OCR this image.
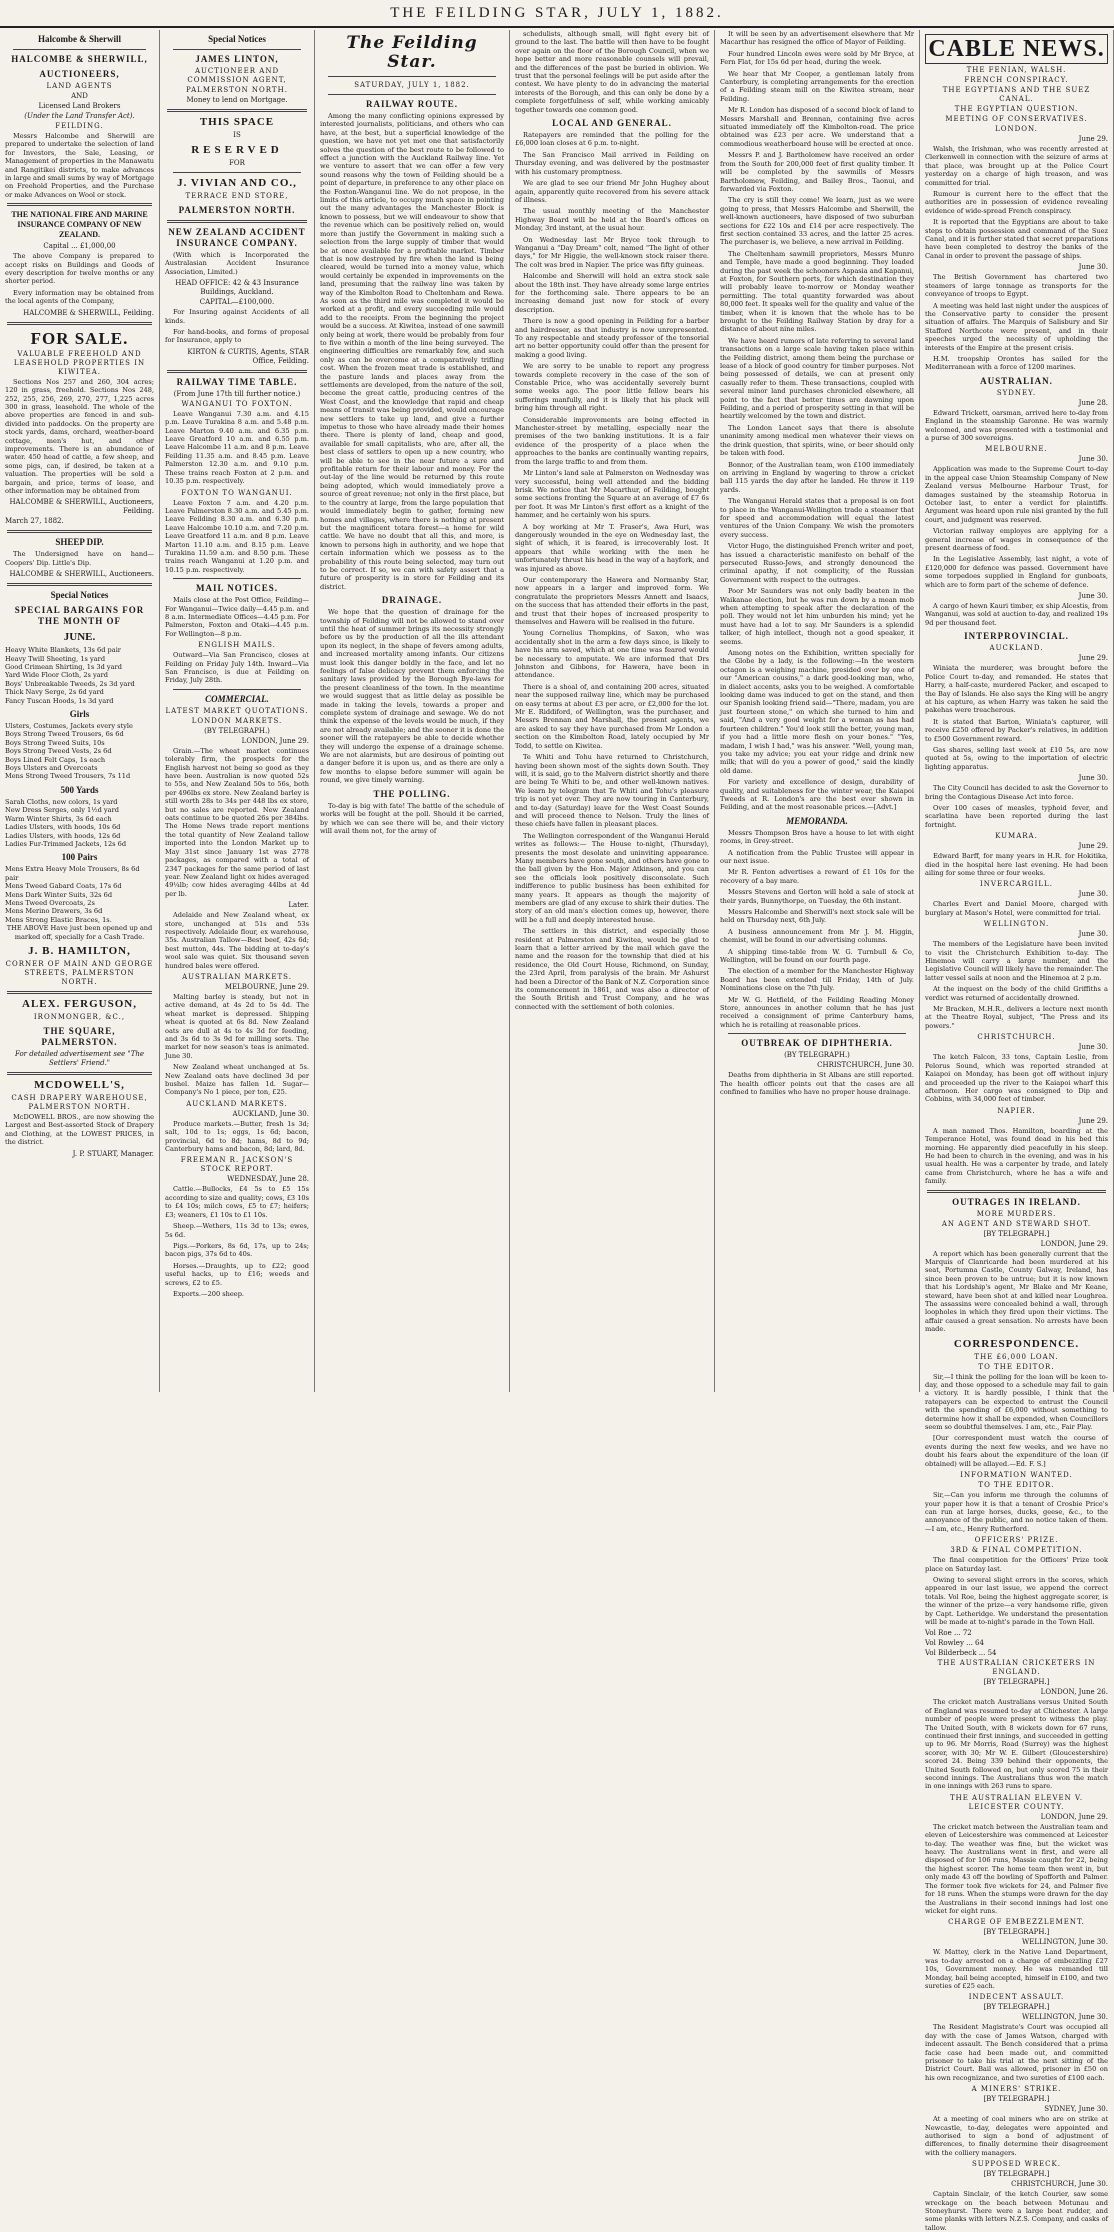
THE FEILDING STAR, JULY 1, 1882.
Halcombe & Sherwill
HALCOMBE & SHERWILL,
AUCTIONEERS,
LAND AGENTS
AND
Licensed Land Brokers
(Under the Land Transfer Act).
FEILDING.

Messrs Halcombe and Sherwill are prepared to undertake the selection of land for Investors, the Sale, Leasing, or Management of properties in the Manawatu and Rangitikei districts, to make advances in large and small sums by way of Mortgage on Freehold Properties, and the Purchase or make Advances on Wool or stock.

THE NATIONAL FIRE AND MARINE INSURANCE COMPANY OF NEW ZEALAND.
Capital ... £1,000,00

The above Company is prepared to accept risks on Buildings and Goods of every description for twelve months or any shorter period.

Every information may be obtained from the local agents of the Company,

HALCOMBE & SHERWILL, Feilding.
FOR SALE.
VALUABLE FREEHOLD AND LEASEHOLD PROPERTIES IN KIWITEA.

Sections Nos 257 and 260, 304 acres; 120 in grass, freehold. Sections Nos 248, 252, 255, 256, 269, 270, 277, 1,225 acres 300 in grass, leasehold. The whole of the above properties are fenced in and sub-divided into paddocks. On the property are stock yards, dams, orchard, weather-board cottage, men's hut, and other improvements. There is an abundance of water. 450 head of cattle, a few sheep, and some pigs, can, if desired, be taken at a valuation. The properties will be sold a bargain, and price, terms of lease, and other information may be obtained from

HALCOMBE & SHERWILL, Auctioneers, Feilding.
March 27, 1882.
SHEEP DIP.

The Undersigned have on hand— Coopers' Dip. Little's Dip.

HALCOMBE & SHERWILL, Auctioneers.
Special Notices
SPECIAL BARGAINS FOR THE MONTH OF
JUNE.
Heavy White Blankets, 13s 6d pair
Heavy Twill Sheeting, 1s yard
Good Crimean Shirting, 1s 3d yard
Yard Wide Floor Cloth, 2s yard
Boys' Unbreakable Tweeds, 2s 3d yard
Thick Navy Serge, 2s 6d yard
Fancy Tuscan Hoods, 1s 3d yard
Girls
Ulsters, Costumes, Jackets every style
Boys Strong Tweed Trousers, 6s 6d
Boys Strong Tweed Suits, 10s
Boys Strong Tweed Vests, 2s 6d
Boys Lined Felt Caps, 1s each
Boys Ulsters and Overcoats
Mens Strong Tweed Trousers, 7s 11d
500 Yards
Sarah Cloths, new colors, 1s yard
New Dress Serges, only 1½d yard
Warm Winter Shirts, 3s 6d each
Ladies Ulsters, with hoods, 10s 6d
Ladies Ulsters, with hoods, 12s 6d
Ladies Fur-Trimmed Jackets, 12s 6d
100 Pairs
Mens Extra Heavy Mole Trousers, 8s 6d pair
Mens Tweed Gabard Coats, 17s 6d
Mens Dark Winter Suits, 32s 6d
Mens Tweed Overcoats, 2s
Mens Merino Drawers, 3s 6d
Mens Strong Elastic Braces, 1s.

THE ABOVE Have just been opened up and marked off, specially for a Cash Trade.

J. B. HAMILTON,
CORNER OF MAIN AND GEORGE STREETS, PALMERSTON NORTH.
ALEX. FERGUSON,
IRONMONGER, &C.,
THE SQUARE, PALMERSTON.
For detailed advertisement see "The Settlers' Friend."
MCDOWELL'S,
CASH DRAPERY WAREHOUSE, PALMERSTON NORTH.

McDOWELL BROS., are now showing the Largest and Best-assorted Stock of Drapery and Clothing, at the LOWEST PRICES, in the district.

J. P. STUART, Manager.
Special Notices
JAMES LINTON,
AUCTIONEER AND COMMISSION AGENT,
PALMERSTON NORTH.
Money to lend on Mortgage.
THIS SPACE
IS
RESERVED
FOR
J. VIVIAN AND CO.,
TERRACE END STORE,
PALMERSTON NORTH.
NEW ZEALAND ACCIDENT INSURANCE COMPANY.

(With which is Incorporated the Australasian Accident Insurance Association, Limited.)

HEAD OFFICE: 42 & 43 Insurance Buildings, Auckland.
CAPITAL—£100,000.

For Insuring against Accidents of all kinds.

For hand-books, and forms of proposal for Insurance, apply to

KIRTON & CURTIS, Agents, STAR Office, Feilding.
RAILWAY TIME TABLE.
(From June 17th till further notice.)
WANGANUI TO FOXTON.

Leave Wanganui 7.30 a.m. and 4.15 p.m. Leave Turakina 8 a.m. and 5.48 p.m. Leave Marton 9.40 a.m. and 6.35 p.m. Leave Greatford 10 a.m. and 6.55 p.m. Leave Halcombe 11 a.m. and 8 p.m. Leave Feilding 11.35 a.m. and 8.45 p.m. Leave Palmerston 12.30 a.m. and 9.10 p.m. These trains reach Foxton at 2 p.m. and 10.35 p.m. respectively.

FOXTON TO WANGANUI.

Leave Foxton 7 a.m. and 4.20 p.m. Leave Palmerston 8.30 a.m. and 5.45 p.m. Leave Feilding 8.30 a.m. and 6.30 p.m. Leave Halcombe 10.10 a.m. and 7.20 p.m. Leave Greatford 11 a.m. and 8 p.m. Leave Marton 11.10 a.m. and 8.15 p.m. Leave Turakina 11.59 a.m. and 8.50 p.m. These trains reach Wanganui at 1.20 p.m. and 10.15 p.m. respectively.

MAIL NOTICES.

Mails close at the Post Office, Feilding— For Wanganui—Twice daily—4.45 p.m. and 8 a.m. Intermediate Offices—4.45 p.m. For Palmerston, Foxton and Otaki—4.45 p.m. For Wellington—8 p.m.

ENGLISH MAILS.

Outward—Via San Francisco, closes at Feilding on Friday July 14th. Inward—Via San Francisco, is due at Feilding on Friday, July 28th.

COMMERCIAL.
LATEST MARKET QUOTATIONS.
LONDON MARKETS.
(BY TELEGRAPH.)
LONDON, June 29.

Grain.—The wheat market continues tolerably firm, the prospects for the English harvest not being so good as they have been. Australian is now quoted 52s to 55s, and New Zealand 50s to 56s, both per 496lbs ex store. New Zealand barley is still worth 28s to 34s per 448 lbs ex store, but no sales are reported. New Zealand oats continue to be quoted 26s per 384lbs. The Home News trade report mentions the total quantity of New Zealand tallow imported into the London Market up to May 31st since January 1st was 2778 packages, as compared with a total of 2347 packages for the same period of last year. New Zealand light ox hides averaged 49¼lb; cow hides averaging 44lbs at 4d per lb.

Later.

Adelaide and New Zealand wheat, ex store, unchanged at 51s and 53s respectively. Adelaide flour, ex warehouse, 35s. Australian Tallow—Best beef, 42s 6d; best mutton, 44s. The bidding at to-day's wool sale was quiet. Six thousand seven hundred bales were offered.

AUSTRALIAN MARKETS.
MELBOURNE, June 29.

Malting barley is steady, but not in active demand, at 4s 2d to 5s 4d. The wheat market is depressed. Shipping wheat is quoted at 6s 8d. New Zealand oats are dull at 4s to 4s 3d for feeding, and 3s 6d to 3s 9d for milling sorts. The market for new season's teas is animated. June 30.

New Zealand wheat unchanged at 5s. New Zealand oats have declined 3d per bushel. Maize has fallen 1d. Sugar—Company's No 1 piece, per ton, £25.

AUCKLAND MARKETS.
AUCKLAND, June 30.

Produce markets.—Butter, fresh 1s 3d; salt, 10d to 1s; eggs, 1s 6d; bacon, provincial, 6d to 8d; hams, 8d to 9d; Canterbury hams and bacon, 8d; lard, 8d.

FREEMAN R. JACKSON'S STOCK REPORT.
WEDNESDAY, June 28.

Cattle.—Bullocks, £4 5s to £5 15s according to size and quality; cows, £3 10s to £4 10s; milch cows, £5 to £7; heifers; £3; weaners, £1 10s to £1 10s.

Sheep.—Wethers, 11s 3d to 13s; ewes, 5s 6d.

Pigs.—Porkers, 8s 6d, 17s, up to 24s; bacon pigs, 37s 6d to 40s.

Horses.—Draughts, up to £22; good useful hacks, up to £16; weeds and screws, £2 to £5.

Exports.—200 sheep.

The Feilding Star.
SATURDAY, JULY 1, 1882.
RAILWAY ROUTE.

Among the many conflicting opinions expressed by interested journalists, politicians, and others who can have, at the best, but a superficial knowledge of the question, we have not yet met one that satisfactorily solves the question of the best route to be followed to effect a junction with the Auckland Railway line. Yet we venture to assert that we can offer a few very sound reasons why the town of Feilding should be a point of departure, in preference to any other place on the Foxton-Wanganui line. We do not propose, in the limits of this article, to occupy much space in pointing out the many advantages the Manchester Block is known to possess, but we will endeavour to show that the revenue which can be positively relied on, would more than justify the Government in making such a selection from the large supply of timber that would be at once available for a profitable market. Timber that is now destroyed by fire when the land is being cleared, would be turned into a money value, which would certainly be expended in improvements on the land, presuming that the railway line was taken by way of the Kimbolton Road to Cheltenham and Rewa. As soon as the third mile was completed it would be worked at a profit, and every succeeding mile would add to the receipts. From the beginning the project would be a success. At Kiwitea, instead of one sawmill only being at work, there would be probably from four to five within a month of the line being surveyed. The engineering difficulties are remarkably few, and such only as can be overcome at a comparatively trifling cost. When the frozen meat trade is established, and the pasture lands and places away from the settlements are developed, from the nature of the soil, become the great cattle, producing centres of the West Coast, and the knowledge that rapid and cheap means of transit was being provided, would encourage new settlers to take up land, and give a further impetus to those who have already made their homes there. There is plenty of land, cheap and good, available for small capitalists, who are, after all, the best class of settlers to open up a new country, who will be able to see in the near future a sure and profitable return for their labour and money. For the out-lay of the line would be returned by this route being adopted, which would immediately prove a source of great revenue; not only in the first place, but to the country at large, from the large population that would immediately begin to gather, forming new homes and villages, where there is nothing at present but the magnificent totara forest—a home for wild cattle. We have no doubt that all this, and more, is known to persons high in authority, and we hope that certain information which we possess as to the probability of this route being selected, may turn out to be correct. If so, we can with safety assert that a future of prosperity is in store for Feilding and its district.

DRAINAGE.

We hope that the question of drainage for the township of Feilding will not be allowed to stand over until the heat of summer brings its necessity strongly before us by the production of all the ills attendant upon its neglect, in the shape of fevers among adults, and increased mortality among infants. Our citizens must look this danger boldly in the face, and let no feelings of false delicacy prevent them enforcing the sanitary laws provided by the Borough Bye-laws for the present cleanliness of the town. In the meantime we would suggest that as little delay as possible be made in taking the levels, towards a proper and complete system of drainage and sewage. We do not think the expense of the levels would be much, if they are not already available; and the sooner it is done the sooner will the ratepayers be able to decide whether they will undergo the expense of a drainage scheme. We are not alarmists, but are desirous of pointing out a danger before it is upon us, and as there are only a few months to elapse before summer will again be round, we give timely warning.

THE POLLING.

To-day is big with fate! The battle of the schedule of works will be fought at the poll. Should it be carried, by which we can see there will be, and their victory will avail them not, for the army of

schedulists, although small, will fight every bit of ground to the last. The battle will then have to be fought over again on the floor of the Borough Council, when we hope better and more reasonable counsels will prevail, and the differences of the past be buried in oblivion. We trust that the personal feelings will be put aside after the contest. We have plenty to do in advancing the material interests of the Borough, and this can only be done by a complete forgetfulness of self, while working amicably together towards one common good.

LOCAL AND GENERAL.

Ratepayers are reminded that the polling for the £6,000 loan closes at 6 p.m. to-night.

The San Francisco Mail arrived in Feilding on Thursday evening, and was delivered by the postmaster with his customary promptness.

We are glad to see our friend Mr John Hughey about again, apparently quite recovered from his severe attack of illness.

The usual monthly meeting of the Manchester Highway Board will be held at the Board's offices on Monday, 3rd instant, at the usual hour.

On Wednesday last Mr Bryce took through to Wanganui a "Day Dream" colt, named "The light of other days," for Mr Higgie, the well-known stock raiser there. The colt was bred in Napier. The price was fifty guineas.

Halcombe and Sherwill will hold an extra stock sale about the 18th inst. They have already some large entries for the forthcoming sale. There appears to be an increasing demand just now for stock of every description.

There is now a good opening in Feilding for a barber and hairdresser, as that industry is now unrepresented. To any respectable and steady professor of the tonsorial art no better opportunity could offer than the present for making a good living.

We are sorry to be unable to report any progress towards complete recovery in the case of the son of Constable Price, who was accidentally severely burnt some weeks ago. The poor little fellow bears his sufferings manfully, and it is likely that his pluck will bring him through all right.

Considerable improvements are being effected in Manchester-street by metalling, especially near the premises of the two banking institutions. It is a fair evidence of the prosperity of a place when the approaches to the banks are continually wanting repairs, from the large traffic to and from them.

Mr Linton's land sale at Palmerston on Wednesday was very successful, being well attended and the bidding brisk. We notice that Mr Macarthur, of Feilding, bought some sections fronting the Square at an average of £7 6s per foot. It was Mr Linton's first effort as a knight of the hammer, and he certainly won his spurs.

A boy working at Mr T. Fraser's, Awa Huri, was dangerously wounded in the eye on Wednesday last, the sight of which, it is feared, is irrecoverably lost. It appears that while working with the men he unfortunately thrust his head in the way of a hayfork, and was injured as above.

Our contemporary the Hawera and Normanby Star, now appears in a larger and improved form. We congratulate the proprietors Messrs Annett and Isaacs, on the success that has attended their efforts in the past, and trust that their hopes of increased prosperity to themselves and Hawera will be realised in the future.

Young Cornelius Thompkins, of Saxon, who was accidentally shot in the arm a few days since, is likely to have his arm saved, which at one time was feared would be necessary to amputate. We are informed that Drs Johnston and Gibbons, for Hawera, have been in attendance.

There is a shoal of, and containing 200 acres, situated near the supposed railway line, which may be purchased on easy terms at about £3 per acre, or £2,000 for the lot. Mr E. Riddiford, of Wellington, was the purchaser, and Messrs Brennan and Marshall, the present agents, we are asked to say they have purchased from Mr London a section on the Kimbolton Road, lately occupied by Mr Todd, to settle on Kiwitea.

Te Whiti and Tohu have returned to Christchurch, having been shown most of the sights down South. They will, it is said, go to the Malvern district shortly and there are being Te Whiti to be, and other well-known natives. We learn by telegram that Te Whiti and Tohu's pleasure trip is not yet over. They are now touring in Canterbury, and to-day (Saturday) leave for the West Coast Sounds and will proceed thence to Nelson. Truly the lines of these chiefs have fallen in pleasant places.

The Wellington correspondent of the Wanganui Herald writes as follows:— The House to-night, (Thursday), presents the most desolate and uninviting appearance. Many members have gone south, and others have gone to the ball given by the Hon. Major Atkinson, and you can see the officials look positively disconsolate. Such indifference to public business has been exhibited for many years. It appears as though the majority of members are glad of any excuse to shirk their duties. The story of an old man's election comes up, however, there will be a full and deeply interested house.

The settlers in this district, and especially those resident at Palmerston and Kiwitea, would be glad to learn that a letter arrived by the mail which gave the name and the reason for the township that died at his residence, the Old Court House, Richmond, on Sunday, the 23rd April, from paralysis of the brain. Mr Ashurst had been a Director of the Bank of N.Z. Corporation since its commencement in 1861, and was also a director of the South British and Trust Company, and he was connected with the settlement of both colonies.

It will be seen by an advertisement elsewhere that Mr Macarthur has resigned the office of Mayor of Feilding.

Four hundred Lincoln ewes were sold by Mr Bryce, at Fern Flat, for 15s 6d per head, during the week.

We hear that Mr Cooper, a gentleman lately from Canterbury, is completing arrangements for the erection of a Feilding steam mill on the Kiwitea stream, near Feilding.

Mr R. London has disposed of a second block of land to Messrs Marshall and Brennan, containing five acres situated immediately off the Kimbolton-road. The price obtained was £23 per acre. We understand that a commodious weatherboard house will be erected at once.

Messrs P. and J. Bartholomew have received an order from the South for 200,000 feet of first quality timber. It will be completed by the sawmills of Messrs Bartholomew, Feilding, and Bailey Bros., Taonui, and forwarded via Foxton.

The cry is still they come! We learn, just as we were going to press, that Messrs Halcombe and Sherwill, the well-known auctioneers, have disposed of two suburban sections for £22 10s and £14 per acre respectively. The first section contained 33 acres, and the latter 25 acres. The purchaser is, we believe, a new arrival in Feilding.

The Cheltenham sawmill proprietors, Messrs Munro and Temple, have made a good beginning. They loaded during the past week the schooners Aspasia and Kapanui, at Foxton, for Southern ports, for which destination they will probably leave to-morrow or Monday weather permitting. The total quantity forwarded was about 80,000 feet. It speaks well for the quality and value of the timber, when it is known that the whole has to be brought to the Feilding Railway Station by dray for a distance of about nine miles.

We have heard rumors of late referring to several land transactions on a large scale having taken place within the Feilding district, among them being the purchase or lease of a block of good country for timber purposes. Not being possessed of details, we can at present only casually refer to them. These transactions, coupled with several minor land purchases chronicled elsewhere, all point to the fact that better times are dawning upon Feilding, and a period of prosperity setting in that will be heartily welcomed by the town and district.

The London Lancet says that there is absolute unanimity among medical men whatever their views on the drink question, that spirits, wine, or beer should only be taken with food.

Bonnor, of the Australian team, won £100 immediately on arriving in England by wagering to throw a cricket ball 115 yards the day after he landed. He threw it 119 yards.

The Wanganui Herald states that a proposal is on foot to place in the Wanganui-Wellington trade a steamer that for speed and accommodation will equal the latest ventures of the Union Company. We wish the promoters every success.

Victor Hugo, the distinguished French writer and poet, has issued a characteristic manifesto on behalf of the persecuted Russo-Jews, and strongly denounced the criminal apathy, if not complicity, of the Russian Government with respect to the outrages.

Poor Mr Saunders was not only badly beaten in the Waikanae election, but he was run down by a mean mob when attempting to speak after the declaration of the poll. They would not let him unburden his mind; yet he must have had a lot to say. Mr Saunders is a splendid talker, of high intellect, though not a good speaker, it seems.

Among notes on the Exhibition, written specially for the Globe by a lady, is the following:—In the western octagon is a weighing machine, presided over by one of our "American cousins," a dark good-looking man, who, in dialect accents, asks you to be weighed. A comfortable looking dame was induced to get on the stand, and then our Spanish looking friend said—"There, madam, you are just fourteen stone," on which she turned to him and said, "And a very good weight for a woman as has had fourteen children." You'd look still the better, young man, if you had a little more flesh on your bones." "Yes, madam, I wish I had," was his answer. "Well, young man, you take my advice; you eat your ridge and drink new milk; that will do you a power of good," said the kindly old dame.

For variety and excellence of design, durability of quality, and suitableness for the winter wear, the Kaiapoi Tweeds at R. London's are the best ever shown in Feilding, and at the most reasonable prices.—[Advt.]

MEMORANDA.

Messrs Thompson Bros have a house to let with eight rooms, in Grey-street.

A notification from the Public Trustee will appear in our next issue.

Mr R. Fenton advertises a reward of £1 10s for the recovery of a bay mare.

Messrs Stevens and Gorton will hold a sale of stock at their yards, Bunnythorpe, on Tuesday, the 6th instant.

Messrs Halcombe and Sherwill's next stock sale will be held on Thursday next, 6th July.

A business announcement from Mr J. M. Higgin, chemist, will be found in our advertising columns.

A shipping time-table from W. G. Turnbull & Co, Wellington, will be found on our fourth page.

The election of a member for the Manchester Highway Board has been extended till Friday, 14th of July. Nominations close on the 7th July.

Mr W. G. Hetfield, of the Feilding Reading Money Store, announces in another column that he has just received a consignment of prime Canterbury hams, which he is retailing at reasonable prices.

OUTBREAK OF DIPHTHERIA.
(BY TELEGRAPH.)
CHRISTCHURCH, June 30.

Deaths from diphtheria in St Albans are still reported. The health officer points out that the cases are all confined to families who have no proper house drainage.

CABLE NEWS.
THE FENIAN, WALSH.
FRENCH CONSPIRACY.
THE EGYPTIANS AND THE SUEZ CANAL.
THE EGYPTIAN QUESTION.
MEETING OF CONSERVATIVES.
LONDON.
June 29.

Walsh, the Irishman, who was recently arrested at Clerkenwell in connection with the seizure of arms at that place, was brought up at the Police Court yesterday on a charge of high treason, and was committed for trial.

Rumour is current here to the effect that the authorities are in possession of evidence revealing evidence of wide-spread French conspiracy.

It is reported that the Egyptians are about to take steps to obtain possession and command of the Suez Canal, and it is further stated that secret preparations have been completed to destroy the banks of the Canal in order to prevent the passage of ships.

June 30.

The British Government has chartered two steamers of large tonnage as transports for the conveyance of troops to Egypt.

A meeting was held last night under the auspices of the Conservative party to consider the present situation of affairs. The Marquis of Salisbury and Sir Stafford Northcote were present, and in their speeches urged the necessity of upholding the interests of the Empire at the present crisis.

H.M. troopship Orontes has sailed for the Mediterranean with a force of 1200 marines.

AUSTRALIAN.
SYDNEY.
June 28.

Edward Trickett, oarsman, arrived here to-day from England in the steamship Garonne. He was warmly welcomed, and was presented with a testimonial and a purse of 300 sovereigns.

MELBOURNE.
June 30.

Application was made to the Supreme Court to-day in the appeal case Union Steamship Company of New Zealand versus Melbourne Harbour Trust, for damages sustained by the steamship Rotorua in October last, to enter a verdict for plaintiffs. Argument was heard upon rule nisi granted by the full court, and judgment was reserved.

Victorian railway employes are applying for a general increase of wages in consequence of the present dearness of food.

In the Legislative Assembly, last night, a vote of £120,000 for defence was passed. Government have some torpedoes supplied in England for gunboats, which are to form part of the scheme of defence.

June 30.

A cargo of hewn Kauri timber, ex ship Alcestis, from Wanganui, was sold at auction to-day, and realized 19s 9d per thousand feet.

INTERPROVINCIAL.
AUCKLAND.
June 29.

Winiata the murderer, was brought before the Police Court to-day, and remanded. He states that Harry, a half-caste, murdered Packer, and escaped to the Bay of Islands. He also says the King will be angry at his capture, as when Harry was taken he said the pakehas were treacherous.

It is stated that Barton, Winiata's capturer, will receive £250 offered by Packer's relatives, in addition to £500 Government reward.

Gas shares, selling last week at £10 5s, are now quoted at 5s, owing to the importation of electric lighting apparatus.

June 30.

The City Council has decided to ask the Governor to bring the Contagious Disease Act into force.

Over 100 cases of measles, typhoid fever, and scarlatina have been reported during the last fortnight.

KUMARA.
June 29.

Edward Barff, for many years in H.R. for Hokitika, died in the hospital here last evening. He had been ailing for some three or four weeks.

INVERCARGILL.
June 30.

Charles Evert and Daniel Moore, charged with burglary at Mason's Hotel, were committed for trial.

WELLINGTON.
June 30.

The members of the Legislature have been invited to visit the Christchurch Exhibition to-day. The Hinemoa will carry a large number, and the Legislative Council will likely have the remainder. The latter vessel sails at noon and the Hinemoa at 2 p.m.

At the inquest on the body of the child Griffiths a verdict was returned of accidentally drowned.

Mr Bracken, M.H.R., delivers a lecture next month at the Theatre Royal, subject, "The Press and its powers."

CHRISTCHURCH.
June 30.

The ketch Falcon, 33 tons, Captain Leslie, from Pelorus Sound, which was reported stranded at Kaiapoi on Monday, has been got off without injury and proceeded up the river to the Kaiapoi wharf this afternoon. Her cargo was consigned to Dip and Cobbins, with 34,000 feet of timber.

NAPIER.
June 29.

A man named Thos. Hamilton, boarding at the Temperance Hotel, was found dead in his bed this morning. He apparently died peacefully in his sleep. He had been to church in the evening, and was in his usual health. He was a carpenter by trade, and lately came from Christchurch, where he has a wife and family.

OUTRAGES IN IRELAND.
MORE MURDERS.
AN AGENT AND STEWARD SHOT.
[BY TELEGRAPH.]
LONDON, June 29.

A report which has been generally current that the Marquis of Clanricarde had been murdered at his seat, Portumna Castle, County Galway, Ireland, has since been proven to be untrue; but it is now known that his Lordship's agent, Mr Blake and Mr Keane, steward, have been shot at and killed near Loughrea. The assassins were concealed behind a wall, through loopholes in which they fired upon their victims. The affair caused a great sensation. No arrests have been made.

CORRESPONDENCE.
THE £6,000 LOAN.
TO THE EDITOR.

Sir,—I think the polling for the loan will be keen to-day, and those opposed to a schedule may fail to gain a victory. It is hardly possible, I think that the ratepayers can be expected to entrust the Council with the spending of £6,000 without something to determine how it shall be expended, when Councillors seem so doubtful themselves. I am, etc., Fair Play.

[Our correspondent must watch the course of events during the next few weeks, and we have no doubt his fears about the expenditure of the loan (if obtained) will be allayed.—Ed. F. S.]

INFORMATION WANTED.
TO THE EDITOR.

Sir,—Can you inform me through the columns of your paper how it is that a tenant of Crosbie Price's can run at large horses, ducks, geese, &c., to the annoyance of the public, and no notice taken of them.—I am, etc., Henry Rutherford.

OFFICERS' PRIZE.
3RD & FINAL COMPETITION.

The final competition for the Officers' Prize took place on Saturday last.

Owing to several slight errors in the scores, which appeared in our last issue, we append the correct totals. Vol Roe, being the highest aggregate scorer, is the winner of the prize—a very handsome rifle, given by Capt. Letheridge. We understand the presentation will be made at to-night's parade in the Town Hall.

Vol Roe ... 72
Vol Rowley ... 64
Vol Bilderbeck ... 54
THE AUSTRALIAN CRICKETERS IN ENGLAND.
[BY TELEGRAPH.]
LONDON, June 26.

The cricket match Australians versus United South of England was resumed to-day at Chichester. A large number of people were present to witness the play. The United South, with 8 wickets down for 67 runs, continued their first innings, and succeeded in getting up to 96. Mr Morris, Road (Surrey) was the highest scorer, with 30; Mr W. E. Gilbert (Gloucestershire) scored 24. Being 339 behind their opponents, the United South followed on, but only scored 75 in their second innings. The Australians thus won the match in one innings with 263 runs to spare.

THE AUSTRALIAN ELEVEN V. LEICESTER COUNTY.
LONDON, June 29.

The cricket match between the Australian team and eleven of Leicestershire was commenced at Leicester to-day. The weather was fine, but the wicket was heavy. The Australians went in first, and were all disposed of for 106 runs, Massie caught for 22, being the highest scorer. The home team then went in, but only made 43 off the bowling of Spofforth and Palmer. The former took five wickets for 24, and Palmer five for 18 runs. When the stumps were drawn for the day the Australians in their second innings had lost one wicket for eight runs.

CHARGE OF EMBEZZLEMENT.
[BY TELEGRAPH.]
WELLINGTON, June 30.

W. Mattey, clerk in the Native Land Department, was to-day arrested on a charge of embezzling £27 10s, Government money. He was remanded till Monday, bail being accepted, himself in £100, and two sureties of £25 each.

INDECENT ASSAULT.
[BY TELEGRAPH.]
WELLINGTON, June 30.

The Resident Magistrate's Court was occupied all day with the case of James Watson, charged with indecent assault. The Bench considered that a prima facie case had been made out, and committed prisoner to take his trial at the next sitting of the District Court. Bail was allowed, prisoner in £50 on his own recognizance, and two sureties of £100 each.

A MINERS' STRIKE.
[BY TELEGRAPH.]
SYDNEY, June 30.

At a meeting of coal miners who are on strike at Newcastle, to-day, delegates were appointed and authorised to sign a bond of adjustment of differences, to finally determine their disagreement with the colliery managers.

SUPPOSED WRECK.
[BY TELEGRAPH.]
CHRISTCHURCH, June 30.

Captain Sinclair, of the ketch Courier, saw some wreckage on the beach between Motunau and Stoneyhurst. There were a large boat rudder, and some planks with letters N.Z.S. Company, and casks of tallow.
